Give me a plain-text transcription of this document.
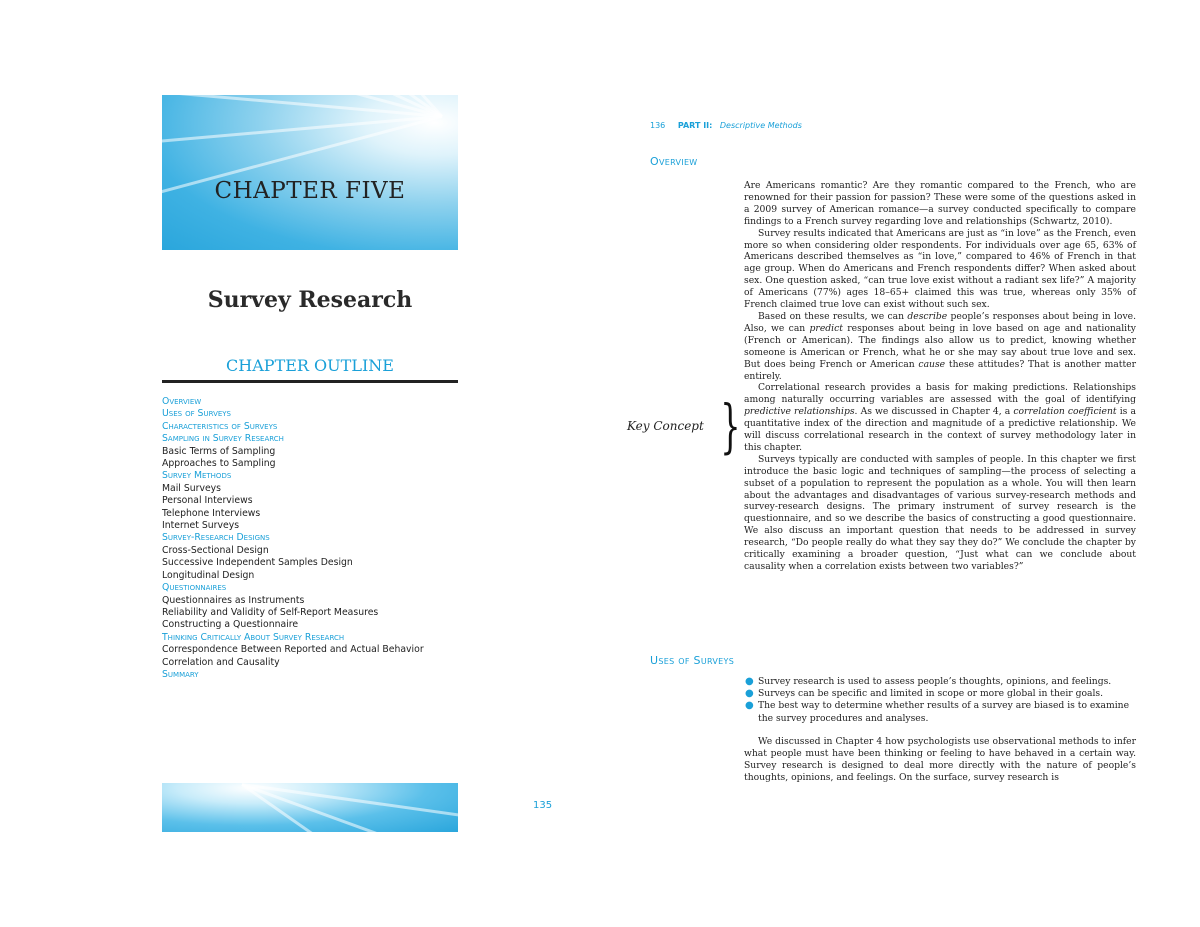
CHAPTER FIVE
Survey Research
CHAPTER OUTLINE
Overview
Uses of Surveys
Characteristics of Surveys
Sampling in Survey Research
Basic Terms of Sampling
Approaches to Sampling
Survey Methods
Mail Surveys
Personal Interviews
Telephone Interviews
Internet Surveys
Survey-Research Designs
Cross-Sectional Design
Successive Independent Samples Design
Longitudinal Design
Questionnaires
Questionnaires as Instruments
Reliability and Validity of Self-Report Measures
Constructing a Questionnaire
Thinking Critically About Survey Research
Correspondence Between Reported and Actual Behavior
Correlation and Causality
Summary
135
136 PART II: Descriptive Methods
Overview

Are Americans romantic? Are they romantic compared to the French, who are renowned for their passion for passion? These were some of the questions asked in a 2009 survey of American romance—a survey conducted specifically to compare findings to a French survey regarding love and relationships (Schwartz, 2010).

Survey results indicated that Americans are just as “in love” as the French, even more so when considering older respondents. For individuals over age 65, 63% of Americans described themselves as “in love,” compared to 46% of French in that age group. When do Americans and French respondents differ? When asked about sex. One question asked, “can true love exist without a radiant sex life?” A majority of Americans (77%) ages 18–65+ claimed this was true, whereas only 35% of French claimed true love can exist without such sex.

Based on these results, we can describe people’s responses about being in love. Also, we can predict responses about being in love based on age and nationality (French or American). The findings also allow us to predict, knowing whether someone is American or French, what he or she may say about true love and sex. But does being French or American cause these attitudes? That is another matter entirely.

Correlational research provides a basis for making predictions. Relationships among naturally occurring variables are assessed with the goal of identifying predictive relationships. As we discussed in Chapter 4, a correlation coefficient is a quantitative index of the direction and magnitude of a predictive relationship. We will discuss correlational research in the context of survey methodology later in this chapter.

Surveys typically are conducted with samples of people. In this chapter we first introduce the basic logic and techniques of sampling—the process of selecting a subset of a population to represent the population as a whole. You will then learn about the advantages and disadvantages of various survey-research methods and survey-research designs. The primary instrument of survey research is the questionnaire, and so we describe the basics of constructing a good questionnaire. We also discuss an important question that needs to be addressed in survey research, “Do people really do what they say they do?” We conclude the chapter by critically examining a broader question, “Just what can we conclude about causality when a correlation exists between two variables?”

Key Concept }
Uses of Surveys
● Survey research is used to assess people’s thoughts, opinions, and feelings.
● Surveys can be specific and limited in scope or more global in their goals.
● The best way to determine whether results of a survey are biased is to examine the survey procedures and analyses.

We discussed in Chapter 4 how psychologists use observational methods to infer what people must have been thinking or feeling to have behaved in a certain way. Survey research is designed to deal more directly with the nature of people’s thoughts, opinions, and feelings. On the surface, survey research is
